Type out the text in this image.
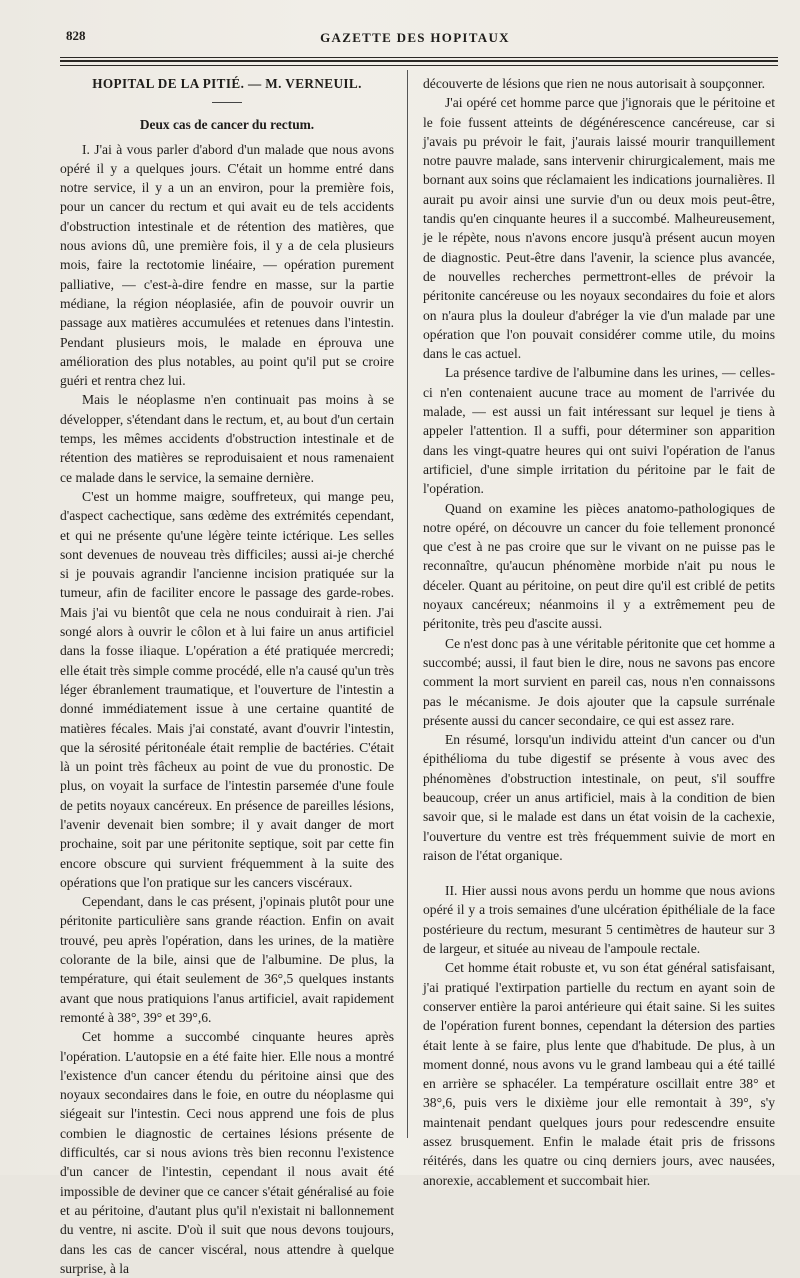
828	GAZETTE DES HOPITAUX
HOPITAL DE LA PITIÉ. — M. VERNEUIL.
Deux cas de cancer du rectum.

I. J'ai à vous parler d'abord d'un malade que nous avons opéré il y a quelques jours. C'était un homme entré dans notre service, il y a un an environ, pour la première fois, pour un cancer du rectum et qui avait eu de tels accidents d'obstruction intestinale et de rétention des matières, que nous avions dû, une première fois, il y a de cela plusieurs mois, faire la rectotomie linéaire, — opération purement palliative, — c'est-à-dire fendre en masse, sur la partie médiane, la région néoplasiée, afin de pouvoir ouvrir un passage aux matières accumulées et retenues dans l'intestin. Pendant plusieurs mois, le malade en éprouva une amélioration des plus notables, au point qu'il put se croire guéri et rentra chez lui.

Mais le néoplasme n'en continuait pas moins à se développer, s'étendant dans le rectum, et, au bout d'un certain temps, les mêmes accidents d'obstruction intestinale et de rétention des matières se reproduisaient et nous ramenaient ce malade dans le service, la semaine dernière.

C'est un homme maigre, souffreteux, qui mange peu, d'aspect cachectique, sans œdème des extrémités cependant, et qui ne présente qu'une légère teinte ictérique. Les selles sont devenues de nouveau très difficiles; aussi ai-je cherché si je pouvais agrandir l'ancienne incision pratiquée sur la tumeur, afin de faciliter encore le passage des garde-robes. Mais j'ai vu bientôt que cela ne nous conduirait à rien. J'ai songé alors à ouvrir le côlon et à lui faire un anus artificiel dans la fosse iliaque. L'opération a été pratiquée mercredi; elle était très simple comme procédé, elle n'a causé qu'un très léger ébranlement traumatique, et l'ouverture de l'intestin a donné immédiatement issue à une certaine quantité de matières fécales. Mais j'ai constaté, avant d'ouvrir l'intestin, que la sérosité péritonéale était remplie de bactéries. C'était là un point très fâcheux au point de vue du pronostic. De plus, on voyait la surface de l'intestin parsemée d'une foule de petits noyaux cancéreux. En présence de pareilles lésions, l'avenir devenait bien sombre; il y avait danger de mort prochaine, soit par une péritonite septique, soit par cette fin encore obscure qui survient fréquemment à la suite des opérations que l'on pratique sur les cancers viscéraux.

Cependant, dans le cas présent, j'opinais plutôt pour une péritonite particulière sans grande réaction. Enfin on avait trouvé, peu après l'opération, dans les urines, de la matière colorante de la bile, ainsi que de l'albumine. De plus, la température, qui était seulement de 36°,5 quelques instants avant que nous pratiquions l'anus artificiel, avait rapidement remonté à 38°, 39° et 39°,6.

Cet homme a succombé cinquante heures après l'opération. L'autopsie en a été faite hier. Elle nous a montré l'existence d'un cancer étendu du péritoine ainsi que des noyaux secondaires dans le foie, en outre du néoplasme qui siégeait sur l'intestin. Ceci nous apprend une fois de plus combien le diagnostic de certaines lésions présente de difficultés, car si nous avions très bien reconnu l'existence d'un cancer de l'intestin, cependant il nous avait été impossible de deviner que ce cancer s'était généralisé au foie et au péritoine, d'autant plus qu'il n'existait ni ballonnement du ventre, ni ascite. D'où il suit que nous devons toujours, dans les cas de cancer viscéral, nous attendre à quelque surprise, à la

découverte de lésions que rien ne nous autorisait à soupçonner.

J'ai opéré cet homme parce que j'ignorais que le péritoine et le foie fussent atteints de dégénérescence cancéreuse, car si j'avais pu prévoir le fait, j'aurais laissé mourir tranquillement notre pauvre malade, sans intervenir chirurgicalement, mais me bornant aux soins que réclamaient les indications journalières. Il aurait pu avoir ainsi une survie d'un ou deux mois peut-être, tandis qu'en cinquante heures il a succombé. Malheureusement, je le répète, nous n'avons encore jusqu'à présent aucun moyen de diagnostic. Peut-être dans l'avenir, la science plus avancée, de nouvelles recherches permettront-elles de prévoir la péritonite cancéreuse ou les noyaux secondaires du foie et alors on n'aura plus la douleur d'abréger la vie d'un malade par une opération que l'on pouvait considérer comme utile, du moins dans le cas actuel.

La présence tardive de l'albumine dans les urines, — celles-ci n'en contenaient aucune trace au moment de l'arrivée du malade, — est aussi un fait intéressant sur lequel je tiens à appeler l'attention. Il a suffi, pour déterminer son apparition dans les vingt-quatre heures qui ont suivi l'opération de l'anus artificiel, d'une simple irritation du péritoine par le fait de l'opération.

Quand on examine les pièces anatomo-pathologiques de notre opéré, on découvre un cancer du foie tellement prononcé que c'est à ne pas croire que sur le vivant on ne puisse pas le reconnaître, qu'aucun phénomène morbide n'ait pu nous le déceler. Quant au péritoine, on peut dire qu'il est criblé de petits noyaux cancéreux; néanmoins il y a extrêmement peu de péritonite, très peu d'ascite aussi.

Ce n'est donc pas à une véritable péritonite que cet homme a succombé; aussi, il faut bien le dire, nous ne savons pas encore comment la mort survient en pareil cas, nous n'en connaissons pas le mécanisme. Je dois ajouter que la capsule surrénale présente aussi du cancer secondaire, ce qui est assez rare.

En résumé, lorsqu'un individu atteint d'un cancer ou d'un épithélioma du tube digestif se présente à vous avec des phénomènes d'obstruction intestinale, on peut, s'il souffre beaucoup, créer un anus artificiel, mais à la condition de bien savoir que, si le malade est dans un état voisin de la cachexie, l'ouverture du ventre est très fréquemment suivie de mort en raison de l'état organique.

II. Hier aussi nous avons perdu un homme que nous avions opéré il y a trois semaines d'une ulcération épithéliale de la face postérieure du rectum, mesurant 5 centimètres de hauteur sur 3 de largeur, et située au niveau de l'ampoule rectale.

Cet homme était robuste et, vu son état général satisfaisant, j'ai pratiqué l'extirpation partielle du rectum en ayant soin de conserver entière la paroi antérieure qui était saine. Si les suites de l'opération furent bonnes, cependant la détersion des parties était lente à se faire, plus lente que d'habitude. De plus, à un moment donné, nous avons vu le grand lambeau qui a été taillé en arrière se sphacéler. La température oscillait entre 38° et 38°,6, puis vers le dixième jour elle remontait à 39°, s'y maintenait pendant quelques jours pour redescendre ensuite assez brusquement. Enfin le malade était pris de frissons réitérés, dans les quatre ou cinq derniers jours, avec nausées, anorexie, accablement et succombait hier.
